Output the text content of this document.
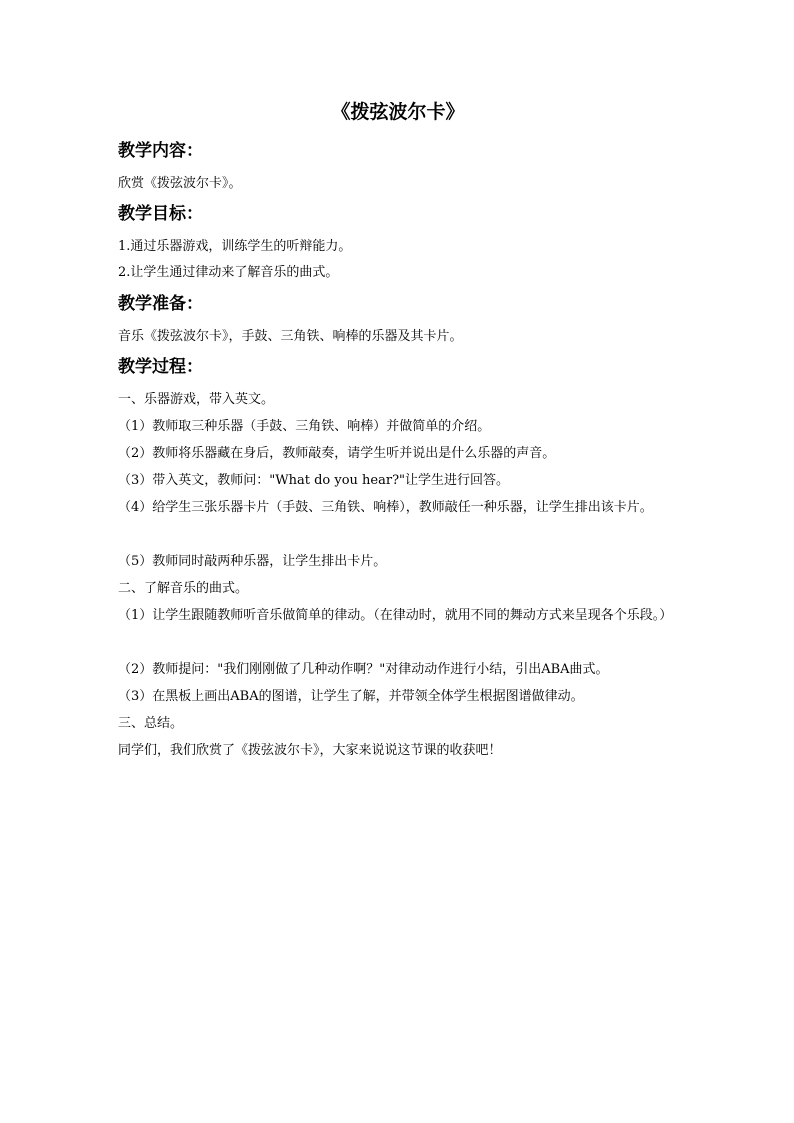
《拨弦波尔卡》
教学内容：
欣赏《拨弦波尔卡》。
教学目标：
1.通过乐器游戏，训练学生的听辩能力。
2.让学生通过律动来了解音乐的曲式。
教学准备：
音乐《拨弦波尔卡》，手鼓、三角铁、响棒的乐器及其卡片。
教学过程：
一、乐器游戏，带入英文。
（1）教师取三种乐器（手鼓、三角铁、响棒）并做简单的介绍。
（2）教师将乐器藏在身后，教师敲奏，请学生听并说出是什么乐器的声音。
（3）带入英文，教师问："What do you hear?"让学生进行回答。
（4）给学生三张乐器卡片（手鼓、三角铁、响棒），教师敲任一种乐器，让学生排出该卡片。
（5）教师同时敲两种乐器，让学生排出卡片。
二、了解音乐的曲式。
（1）让学生跟随教师听音乐做简单的律动。（在律动时，就用不同的舞动方式来呈现各个乐段。）
（2）教师提问："我们刚刚做了几种动作啊？"对律动动作进行小结，引出ABA曲式。
（3）在黑板上画出ABA的图谱，让学生了解，并带领全体学生根据图谱做律动。
三、总结。
同学们，我们欣赏了《拨弦波尔卡》，大家来说说这节课的收获吧！
